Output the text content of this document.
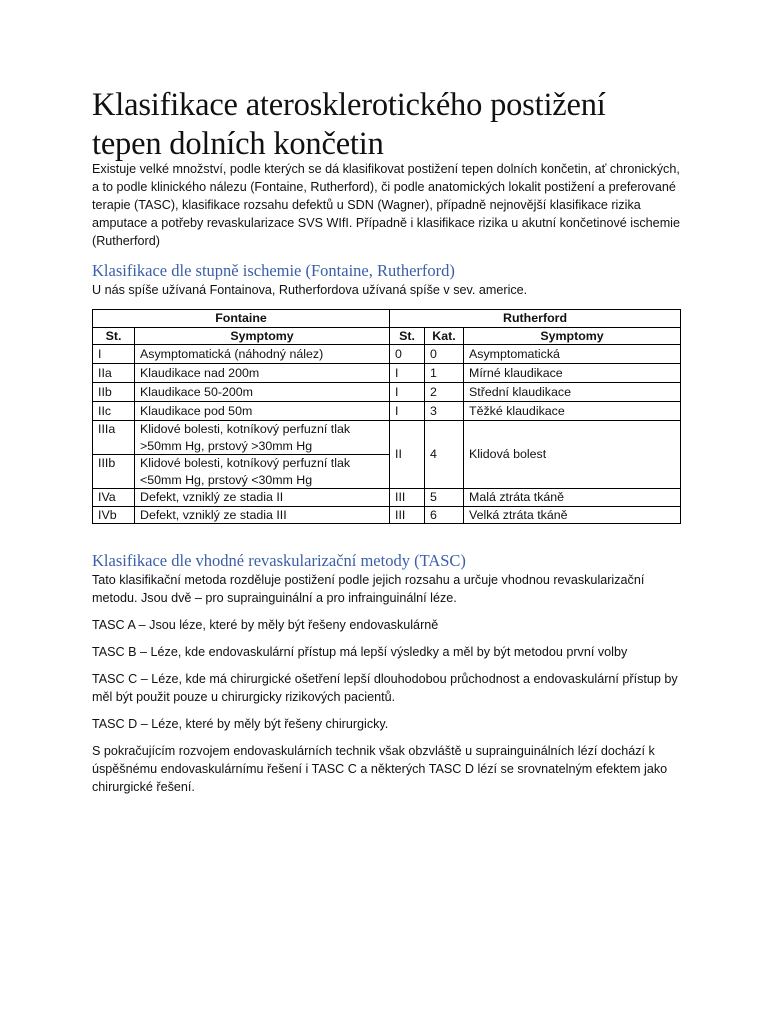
Klasifikace aterosklerotického postižení tepen dolních končetin

Existuje velké množství, podle kterých se dá klasifikovat postižení tepen dolních končetin, ať chronických, a to podle klinického nálezu (Fontaine, Rutherford), či podle anatomických lokalit postižení a preferované terapie (TASC), klasifikace rozsahu defektů u SDN (Wagner), případně nejnovější klasifikace rizika amputace a potřeby revaskularizace SVS WIfI. Případně i klasifikace rizika u akutní končetinové ischemie (Rutherford)

Klasifikace dle stupně ischemie (Fontaine, Rutherford)

U nás spíše užívaná Fontainova, Rutherfordova užívaná spíše v sev. americe.

Fontaine		Rutherford		
St.	Symptomy	St.	Kat.	Symptomy
I	Asymptomatická (náhodný nález)	0	0	Asymptomatická
IIa	Klaudikace nad 200m	I	1	Mírné klaudikace
IIb	Klaudikace 50-200m	I	2	Střední klaudikace
IIc	Klaudikace pod 50m	I	3	Těžké klaudikace
IIIa	Klidové bolesti, kotníkový perfuzní tlak >50mm Hg, prstový >30mm Hg	II	4	Klidová bolest
IIIb	Klidové bolesti, kotníkový perfuzní tlak <50mm Hg, prstový <30mm Hg			
IVa	Defekt, vzniklý ze stadia II	III	5	Malá ztráta tkáně
IVb	Defekt, vzniklý ze stadia III	III	6	Velká ztráta tkáně
Klasifikace dle vhodné revaskularizační metody (TASC)

Tato klasifikační metoda rozděluje postižení podle jejich rozsahu a určuje vhodnou revaskularizační metodu. Jsou dvě – pro suprainguinální a pro infrainguinální léze.

TASC A – Jsou léze, které by měly být řešeny endovaskulárně

TASC B – Léze, kde endovaskulární přístup má lepší výsledky a měl by být metodou první volby

TASC C – Léze, kde má chirurgické ošetření lepší dlouhodobou průchodnost a endovaskulární přístup by měl být použit pouze u chirurgicky rizikových pacientů.

TASC D – Léze, které by měly být řešeny chirurgicky.

S pokračujícím rozvojem endovaskulárních technik však obzvláště u suprainguinálních lézí dochází k úspěšnému endovaskulárnímu řešení i TASC C a některých TASC D lézí se srovnatelným efektem jako chirurgické řešení.
